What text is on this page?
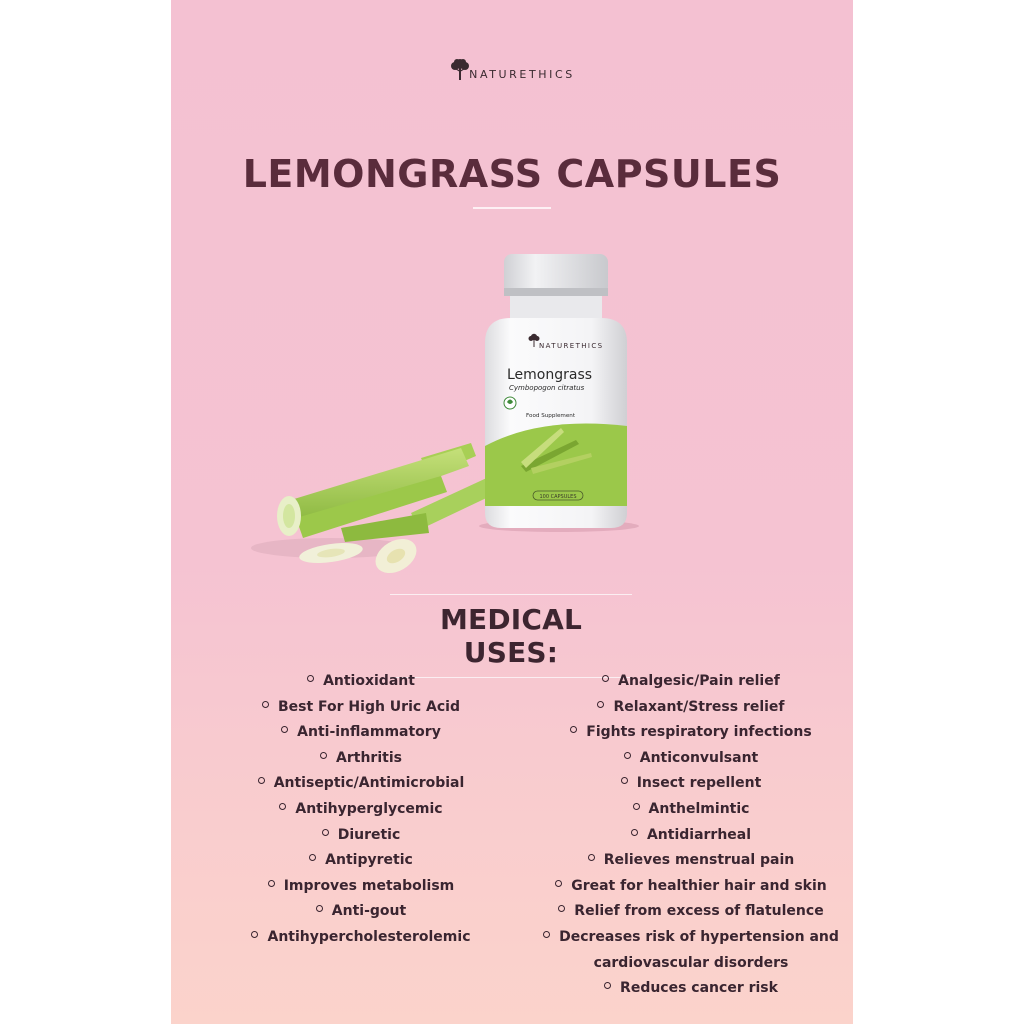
NATURETHICS
LEMONGRASS CAPSULES
100 CAPSULES
NATURETHICS
Lemongrass
Cymbopogon citratus
Food Supplement
MEDICAL USES:
Antioxidant
Best For High Uric Acid
Anti-inflammatory
Arthritis
Antiseptic/Antimicrobial
Antihyperglycemic
Diuretic
Antipyretic
Improves metabolism
Anti-gout
Antihypercholesterolemic
Analgesic/Pain relief
Relaxant/Stress relief
Fights respiratory infections
Anticonvulsant
Insect repellent
Anthelmintic
Antidiarrheal
Relieves menstrual pain
Great for healthier hair and skin
Relief from excess of flatulence
Decreases risk of hypertension and
cardiovascular disorders
Reduces cancer risk
